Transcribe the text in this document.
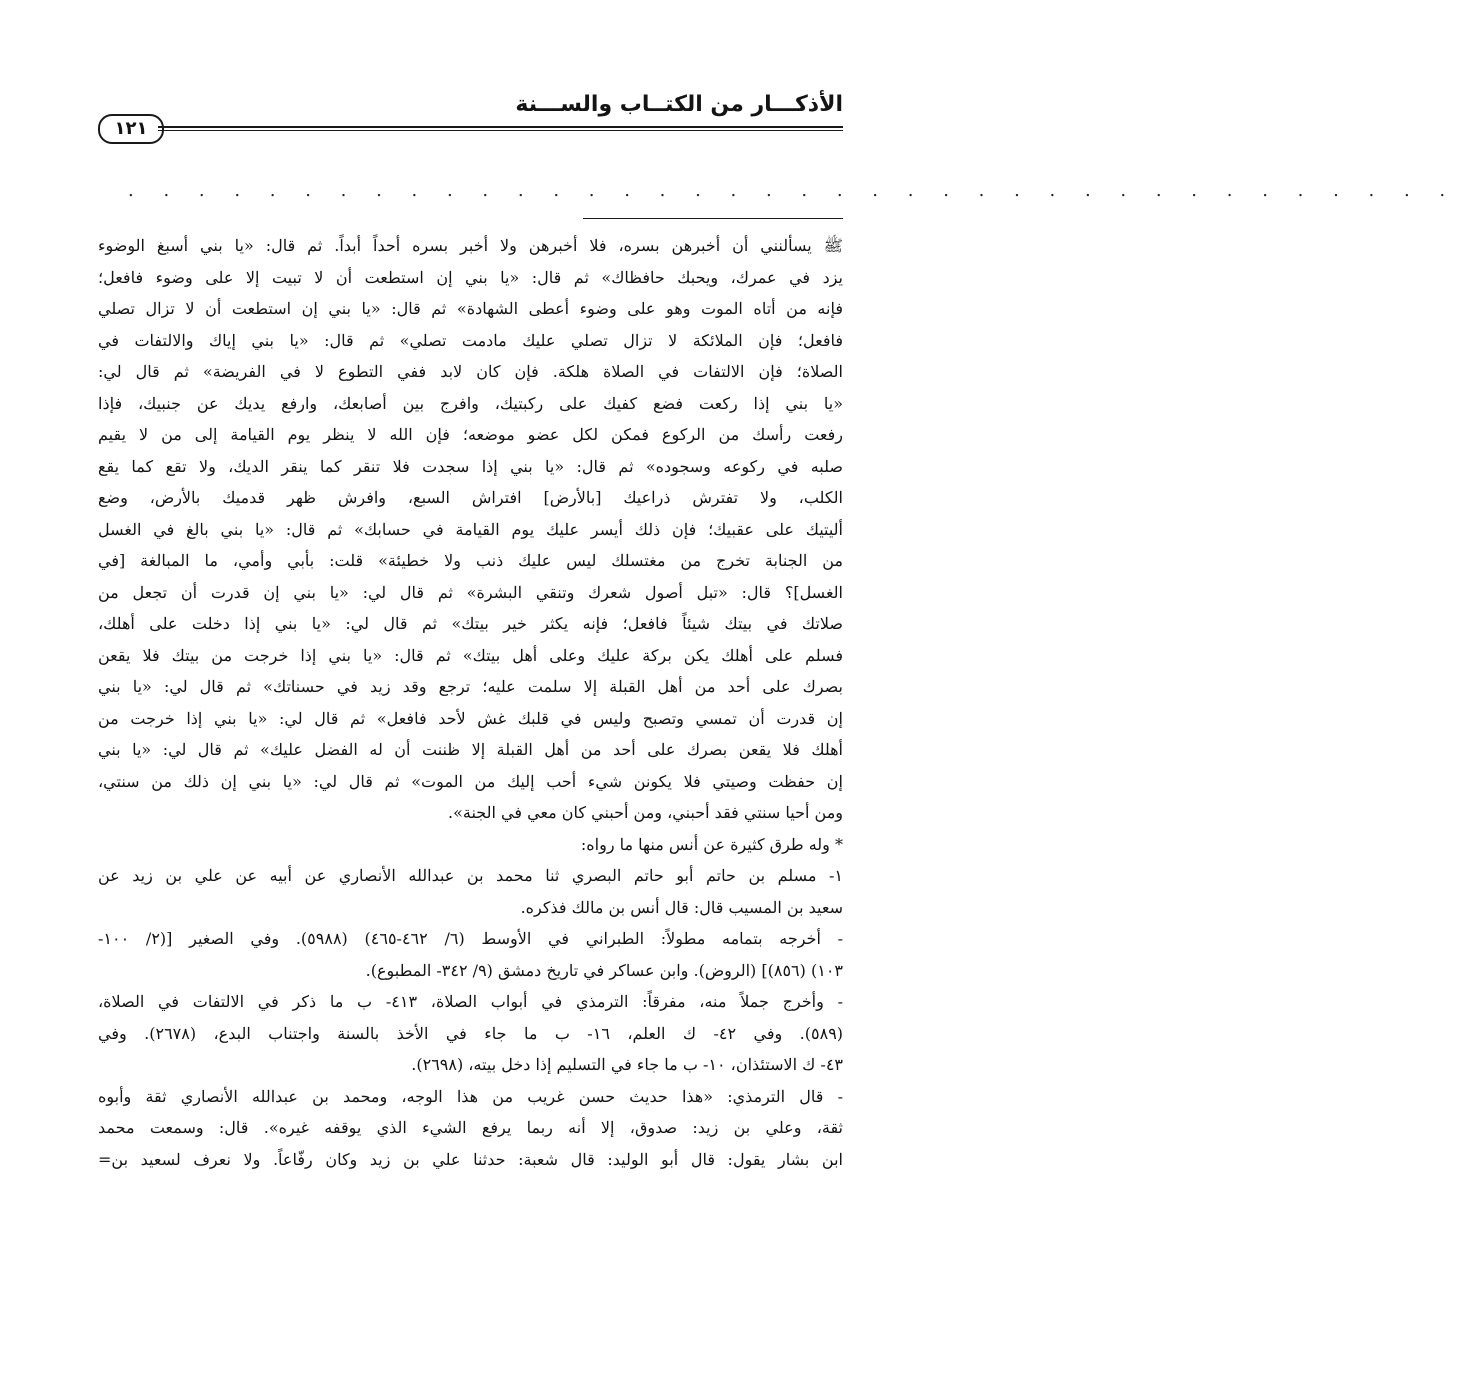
الأذكـــار من الكتــاب والســـنة
١٢١
. . . . . . . . . . . . . . . . . . . . . . . . . . . . . . . . . . . . . .
ﷺ يسألنني أن أخبرهن بسره، فلا أخبرهن ولا أخبر بسره أحداً أبداً. ثم قال: «يا بني أسبغ الوضوء
يزد في عمرك، ويحبك حافظاك» ثم قال: «يا بني إن استطعت أن لا تبيت إلا على وضوء فافعل؛
فإنه من أتاه الموت وهو على وضوء أعطى الشهادة» ثم قال: «يا بني إن استطعت أن لا تزال تصلي
فافعل؛ فإن الملائكة لا تزال تصلي عليك مادمت تصلي» ثم قال: «يا بني إياك والالتفات في
الصلاة؛ فإن الالتفات في الصلاة هلكة. فإن كان لابد ففي التطوع لا في الفريضة» ثم قال لي:
«يا بني إذا ركعت فضع كفيك على ركبتيك، وافرج بين أصابعك، وارفع يديك عن جنبيك، فإذا
رفعت رأسك من الركوع فمكن لكل عضو موضعه؛ فإن الله لا ينظر يوم القيامة إلى من لا يقيم
صلبه في ركوعه وسجوده» ثم قال: «يا بني إذا سجدت فلا تنقر كما ينقر الديك، ولا تقع كما يقع
الكلب، ولا تفترش ذراعيك [بالأرض] افتراش السبع، وافرش ظهر قدميك بالأرض، وضع
أليتيك على عقبيك؛ فإن ذلك أيسر عليك يوم القيامة في حسابك» ثم قال: «يا بني بالغ في الغسل
من الجنابة تخرج من مغتسلك ليس عليك ذنب ولا خطيئة» قلت: بأبي وأمي، ما المبالغة [في
الغسل]؟ قال: «تبل أصول شعرك وتنقي البشرة» ثم قال لي: «يا بني إن قدرت أن تجعل من
صلاتك في بيتك شيئاً فافعل؛ فإنه يكثر خير بيتك» ثم قال لي: «يا بني إذا دخلت على أهلك،
فسلم على أهلك يكن بركة عليك وعلى أهل بيتك» ثم قال: «يا بني إذا خرجت من بيتك فلا يقعن
بصرك على أحد من أهل القبلة إلا سلمت عليه؛ ترجع وقد زيد في حسناتك» ثم قال لي: «يا بني
إن قدرت أن تمسي وتصبح وليس في قلبك غش لأحد فافعل» ثم قال لي: «يا بني إذا خرجت من
أهلك فلا يقعن بصرك على أحد من أهل القبلة إلا ظننت أن له الفضل عليك» ثم قال لي: «يا بني
إن حفظت وصيتي فلا يكونن شيء أحب إليك من الموت» ثم قال لي: «يا بني إن ذلك من سنتي،
ومن أحيا سنتي فقد أحبني، ومن أحبني كان معي في الجنة».
* وله طرق كثيرة عن أنس منها ما رواه:
١- مسلم بن حاتم أبو حاتم البصري ثنا محمد بن عبدالله الأنصاري عن أبيه عن علي بن زيد عن
سعيد بن المسيب قال: قال أنس بن مالك فذكره.
- أخرجه بتمامه مطولاً: الطبراني في الأوسط (٦/ ٤٦٢-٤٦٥) (٥٩٨٨). وفي الصغير [(٢/ ١٠٠-
١٠٣) (٨٥٦)] (الروض). وابن عساكر في تاريخ دمشق (٩/ ٣٤٢- المطبوع).
- وأخرج جملاً منه، مفرقاً: الترمذي في أبواب الصلاة، ٤١٣- ب ما ذكر في الالتفات في الصلاة،
(٥٨٩). وفي ٤٢- ك العلم، ١٦- ب ما جاء في الأخذ بالسنة واجتناب البدع، (٢٦٧٨). وفي
٤٣- ك الاستئذان، ١٠- ب ما جاء في التسليم إذا دخل بيته، (٢٦٩٨).
- قال الترمذي: «هذا حديث حسن غريب من هذا الوجه، ومحمد بن عبدالله الأنصاري ثقة وأبوه
ثقة، وعلي بن زيد: صدوق، إلا أنه ربما يرفع الشيء الذي يوقفه غيره». قال: وسمعت محمد
ابن بشار يقول: قال أبو الوليد: قال شعبة: حدثنا علي بن زيد وكان رفّاعاً. ولا نعرف لسعيد بن=
